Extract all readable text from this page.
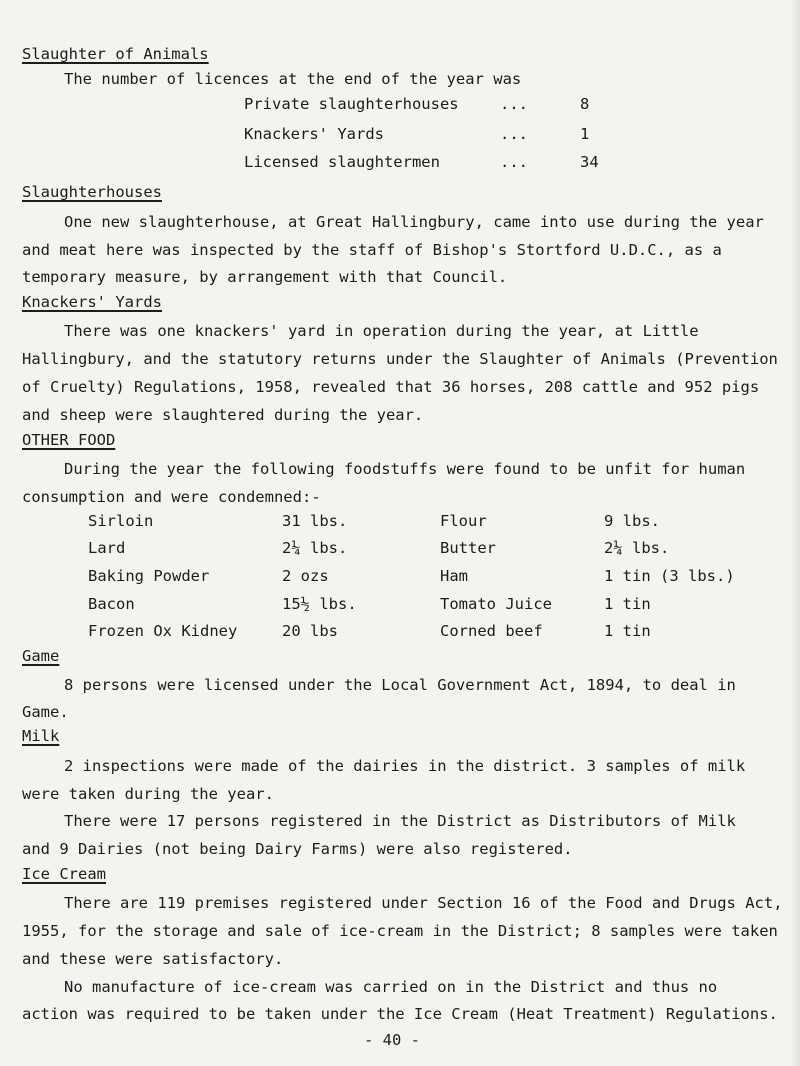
Slaughter of Animals
The number of licences at the end of the year was
Private slaughterhouses	...	8
Knackers' Yards	...	1
Licensed slaughtermen	...	34
Slaughterhouses
One new slaughterhouse, at Great Hallingbury, came into use during the year
and meat here was inspected by the staff of Bishop's Stortford U.D.C., as a
temporary measure, by arrangement with that Council.
Knackers' Yards
There was one knackers' yard in operation during the year, at Little
Hallingbury, and the statutory returns under the Slaughter of Animals (Prevention
of Cruelty) Regulations, 1958, revealed that 36 horses, 208 cattle and 952 pigs
and sheep were slaughtered during the year.
OTHER FOOD
During the year the following foodstuffs were found to be unfit for human
consumption and were condemned:-
Sirloin	31 lbs.	Flour	9 lbs.
Lard	2¼ lbs.	Butter	2¼ lbs.
Baking Powder	2 ozs	Ham	1 tin (3 lbs.)
Bacon	15½ lbs.	Tomato Juice	1 tin
Frozen Ox Kidney	20 lbs	Corned beef	1 tin
Game
8 persons were licensed under the Local Government Act, 1894, to deal in
Game.
Milk
2 inspections were made of the dairies in the district. 3 samples of milk
were taken during the year.
There were 17 persons registered in the District as Distributors of Milk
and 9 Dairies (not being Dairy Farms) were also registered.
Ice Cream
There are 119 premises registered under Section 16 of the Food and Drugs Act,
1955, for the storage and sale of ice-cream in the District; 8 samples were taken
and these were satisfactory.
No manufacture of ice-cream was carried on in the District and thus no
action was required to be taken under the Ice Cream (Heat Treatment) Regulations.
- 40 -
